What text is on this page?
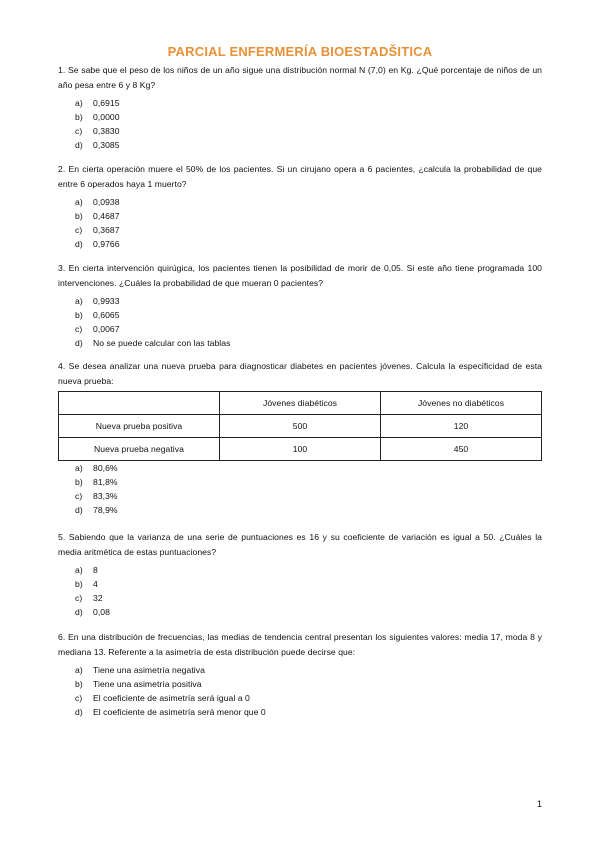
PARCIAL ENFERMERÍA BIOESTADŠITICA

1. Se sabe que el peso de los niños de un año sigue una distribución normal N (7,0) en Kg. ¿Qué porcentaje de niños de un año pesa entre 6 y 8 Kg?

a) 0,6915
b) 0,0000
c) 0,3830
d) 0,3085

2. En cierta operación muere el 50% de los pacientes. Si un cirujano opera a 6 pacientes, ¿calcula la probabilidad de que entre 6 operados haya 1 muerto?

a) 0,0938
b) 0,4687
c) 0,3687
d) 0,9766

3. En cierta intervención quirúgica, los pacientes tienen la posibilidad de morir de 0,05. Si este año tiene programada 100 intervenciones. ¿Cuáles la probabilidad de que mueran 0 pacientes?

a) 0,9933
b) 0,6065
c) 0,0067
d) No se puede calcular con las tablas

4. Se desea analizar una nueva prueba para diagnosticar diabetes en pacientes jóvenes. Calcula la especificidad de esta nueva prueba:

	Jóvenes diabéticos	Jóvenes no diabéticos
Nueva prueba positiva	500	120
Nueva prueba negativa	100	450
a) 80,6%
b) 81,8%
c) 83,3%
d) 78,9%

5. Sabiendo que la varianza de una serie de puntuaciones es 16 y su coeficiente de variación es igual a 50. ¿Cuáles la media aritmética de estas puntuaciones?

a) 8
b) 4
c) 32
d) 0,08

6. En una distribución de frecuencias, las medias de tendencia central presentan los siguientes valores: media 17, moda 8 y mediana 13. Referente a la asimetría de esta distribución puede decirse que:

a) Tiene una asimetría negativa
b) Tiene una asimetría positiva
c) El coeficiente de asimetría será igual a 0
d) El coeficiente de asimetría será menor que 0
1
